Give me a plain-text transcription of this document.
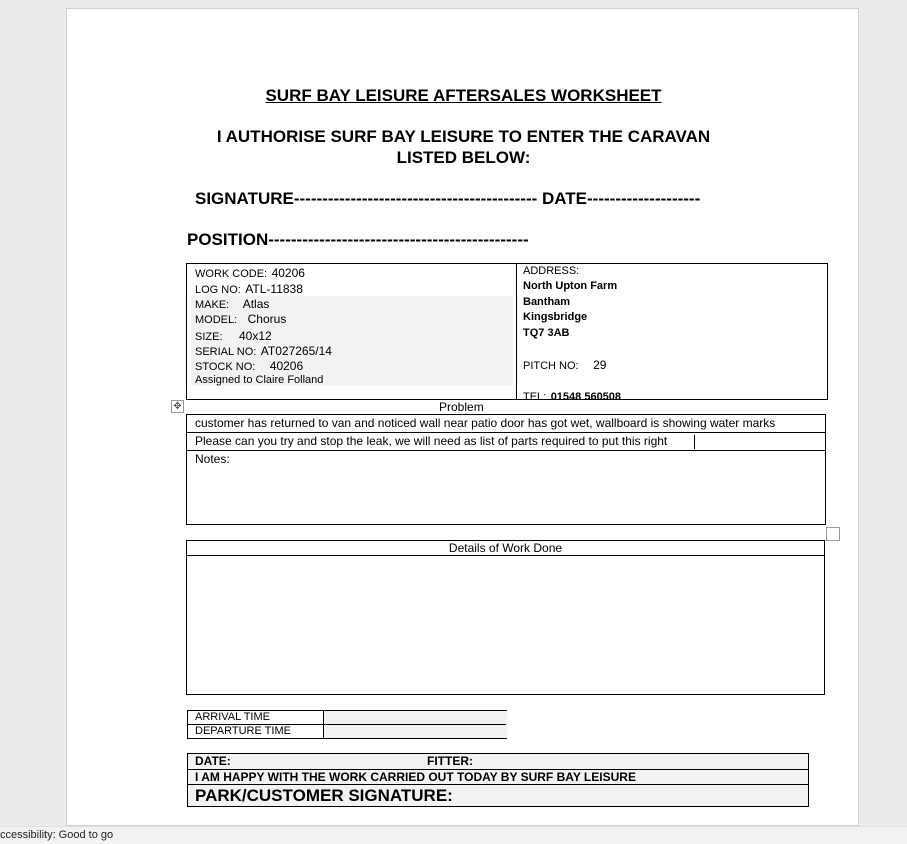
SURF BAY LEISURE AFTERSALES WORKSHEET
I AUTHORISE SURF BAY LEISURE TO ENTER THE CARAVAN
LISTED BELOW:
SIGNATURE------------------------------------------- DATE--------------------
POSITION----------------------------------------------
WORK CODE: 40206
LOG NO: ATL-11838
MAKE: Atlas
MODEL: Chorus
SIZE: 40x12
SERIAL NO: AT027265/14
STOCK NO: 40206
Assigned to Claire Folland
ADDRESS:
North Upton Farm
Bantham
Kingsbridge
TQ7 3AB
PITCH NO: 29
TEL: 01548 560508
✥	Problem
customer has returned to van and noticed wall near patio door has got wet, wallboard is showing water marks
Please can you try and stop the leak, we will need as list of parts required to put this right
Notes:
Details of Work Done
ARRIVAL TIME
DEPARTURE TIME
DATE:	FITTER:
I AM HAPPY WITH THE WORK CARRIED OUT TODAY BY SURF BAY LEISURE
PARK/CUSTOMER SIGNATURE:
ccessibility: Good to go
